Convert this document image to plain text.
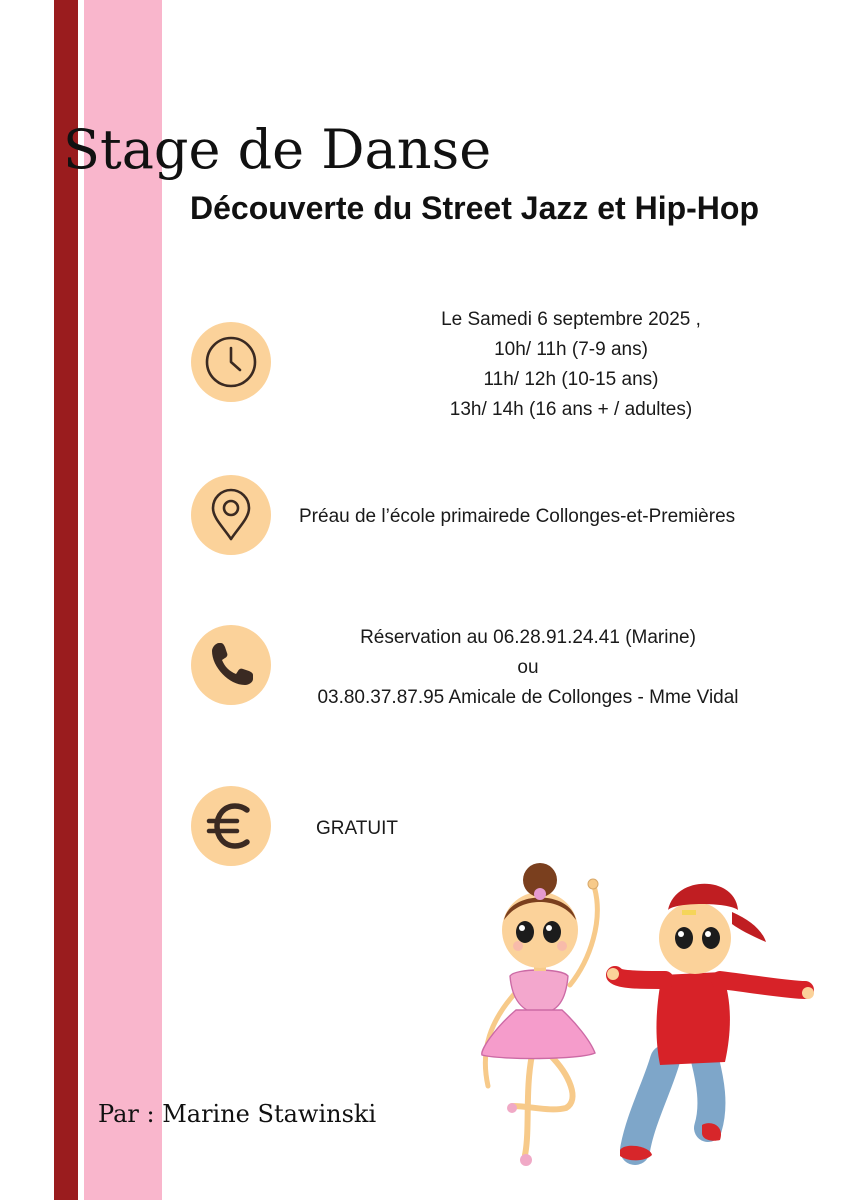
Stage de Danse
Découverte du Street Jazz et Hip-Hop
Le Samedi 6 septembre 2025 ,
10h/ 11h (7-9 ans)
11h/ 12h (10-15 ans)
13h/ 14h (16 ans + / adultes)
Préau de l’école primairede Collonges-et-Premières
Réservation au 06.28.91.24.41 (Marine)
ou
03.80.37.87.95 Amicale de Collonges - Mme Vidal
GRATUIT
Par : Marine Stawinski
